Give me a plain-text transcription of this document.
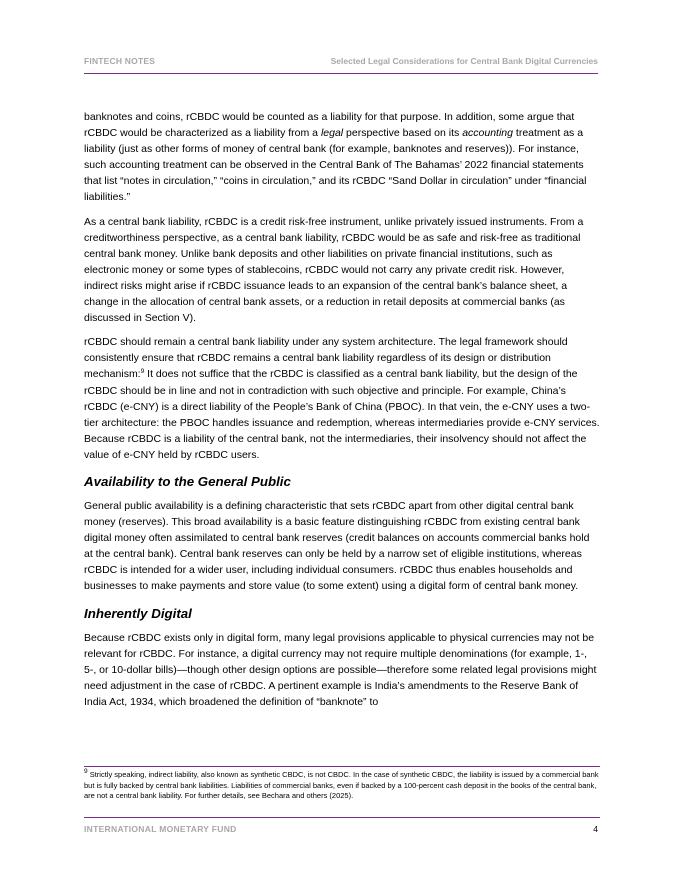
FINTECH NOTES	Selected Legal Considerations for Central Bank Digital Currencies

banknotes and coins, rCBDC would be counted as a liability for that purpose. In addition, some argue that rCBDC would be characterized as a liability from a legal perspective based on its accounting treatment as a liability (just as other forms of money of central bank (for example, banknotes and reserves)). For instance, such accounting treatment can be observed in the Central Bank of The Bahamas’ 2022 financial statements that list “notes in circulation,” “coins in circulation,” and its rCBDC “Sand Dollar in circulation” under “financial liabilities.”

As a central bank liability, rCBDC is a credit risk-free instrument, unlike privately issued instruments. From a creditworthiness perspective, as a central bank liability, rCBDC would be as safe and risk-free as traditional central bank money. Unlike bank deposits and other liabilities on private financial institutions, such as electronic money or some types of stablecoins, rCBDC would not carry any private credit risk. However, indirect risks might arise if rCBDC issuance leads to an expansion of the central bank’s balance sheet, a change in the allocation of central bank assets, or a reduction in retail deposits at commercial banks (as discussed in Section V).

rCBDC should remain a central bank liability under any system architecture. The legal framework should consistently ensure that rCBDC remains a central bank liability regardless of its design or distribution mechanism:$^9$ It does not suffice that the rCBDC is classified as a central bank liability, but the design of the rCBDC should be in line and not in contradiction with such objective and principle. For example, China’s rCBDC (e-CNY) is a direct liability of the People’s Bank of China (PBOC). In that vein, the e-CNY uses a two-tier architecture: the PBOC handles issuance and redemption, whereas intermediaries provide e-CNY services. Because rCBDC is a liability of the central bank, not the intermediaries, their insolvency should not affect the value of e-CNY held by rCBDC users.

Availability to the General Public

General public availability is a defining characteristic that sets rCBDC apart from other digital central bank money (reserves). This broad availability is a basic feature distinguishing rCBDC from existing central bank digital money often assimilated to central bank reserves (credit balances on accounts commercial banks hold at the central bank). Central bank reserves can only be held by a narrow set of eligible institutions, whereas rCBDC is intended for a wider user, including individual consumers. rCBDC thus enables households and businesses to make payments and store value (to some extent) using a digital form of central bank money.

Inherently Digital

Because rCBDC exists only in digital form, many legal provisions applicable to physical currencies may not be relevant for rCBDC. For instance, a digital currency may not require multiple denominations (for example, 1-, 5-, or 10-dollar bills)—though other design options are possible—therefore some related legal provisions might need adjustment in the case of rCBDC. A pertinent example is India’s amendments to the Reserve Bank of India Act, 1934, which broadened the definition of “banknote” to

$^9$ Strictly speaking, indirect liability, also known as synthetic CBDC, is not CBDC. In the case of synthetic CBDC, the liability is issued by a commercial bank but is fully backed by central bank liabilities. Liabilities of commercial banks, even if backed by a 100-percent cash deposit in the books of the central bank, are not a central bank liability. For further details, see Bechara and others (2025).

INTERNATIONAL MONETARY FUND	4
